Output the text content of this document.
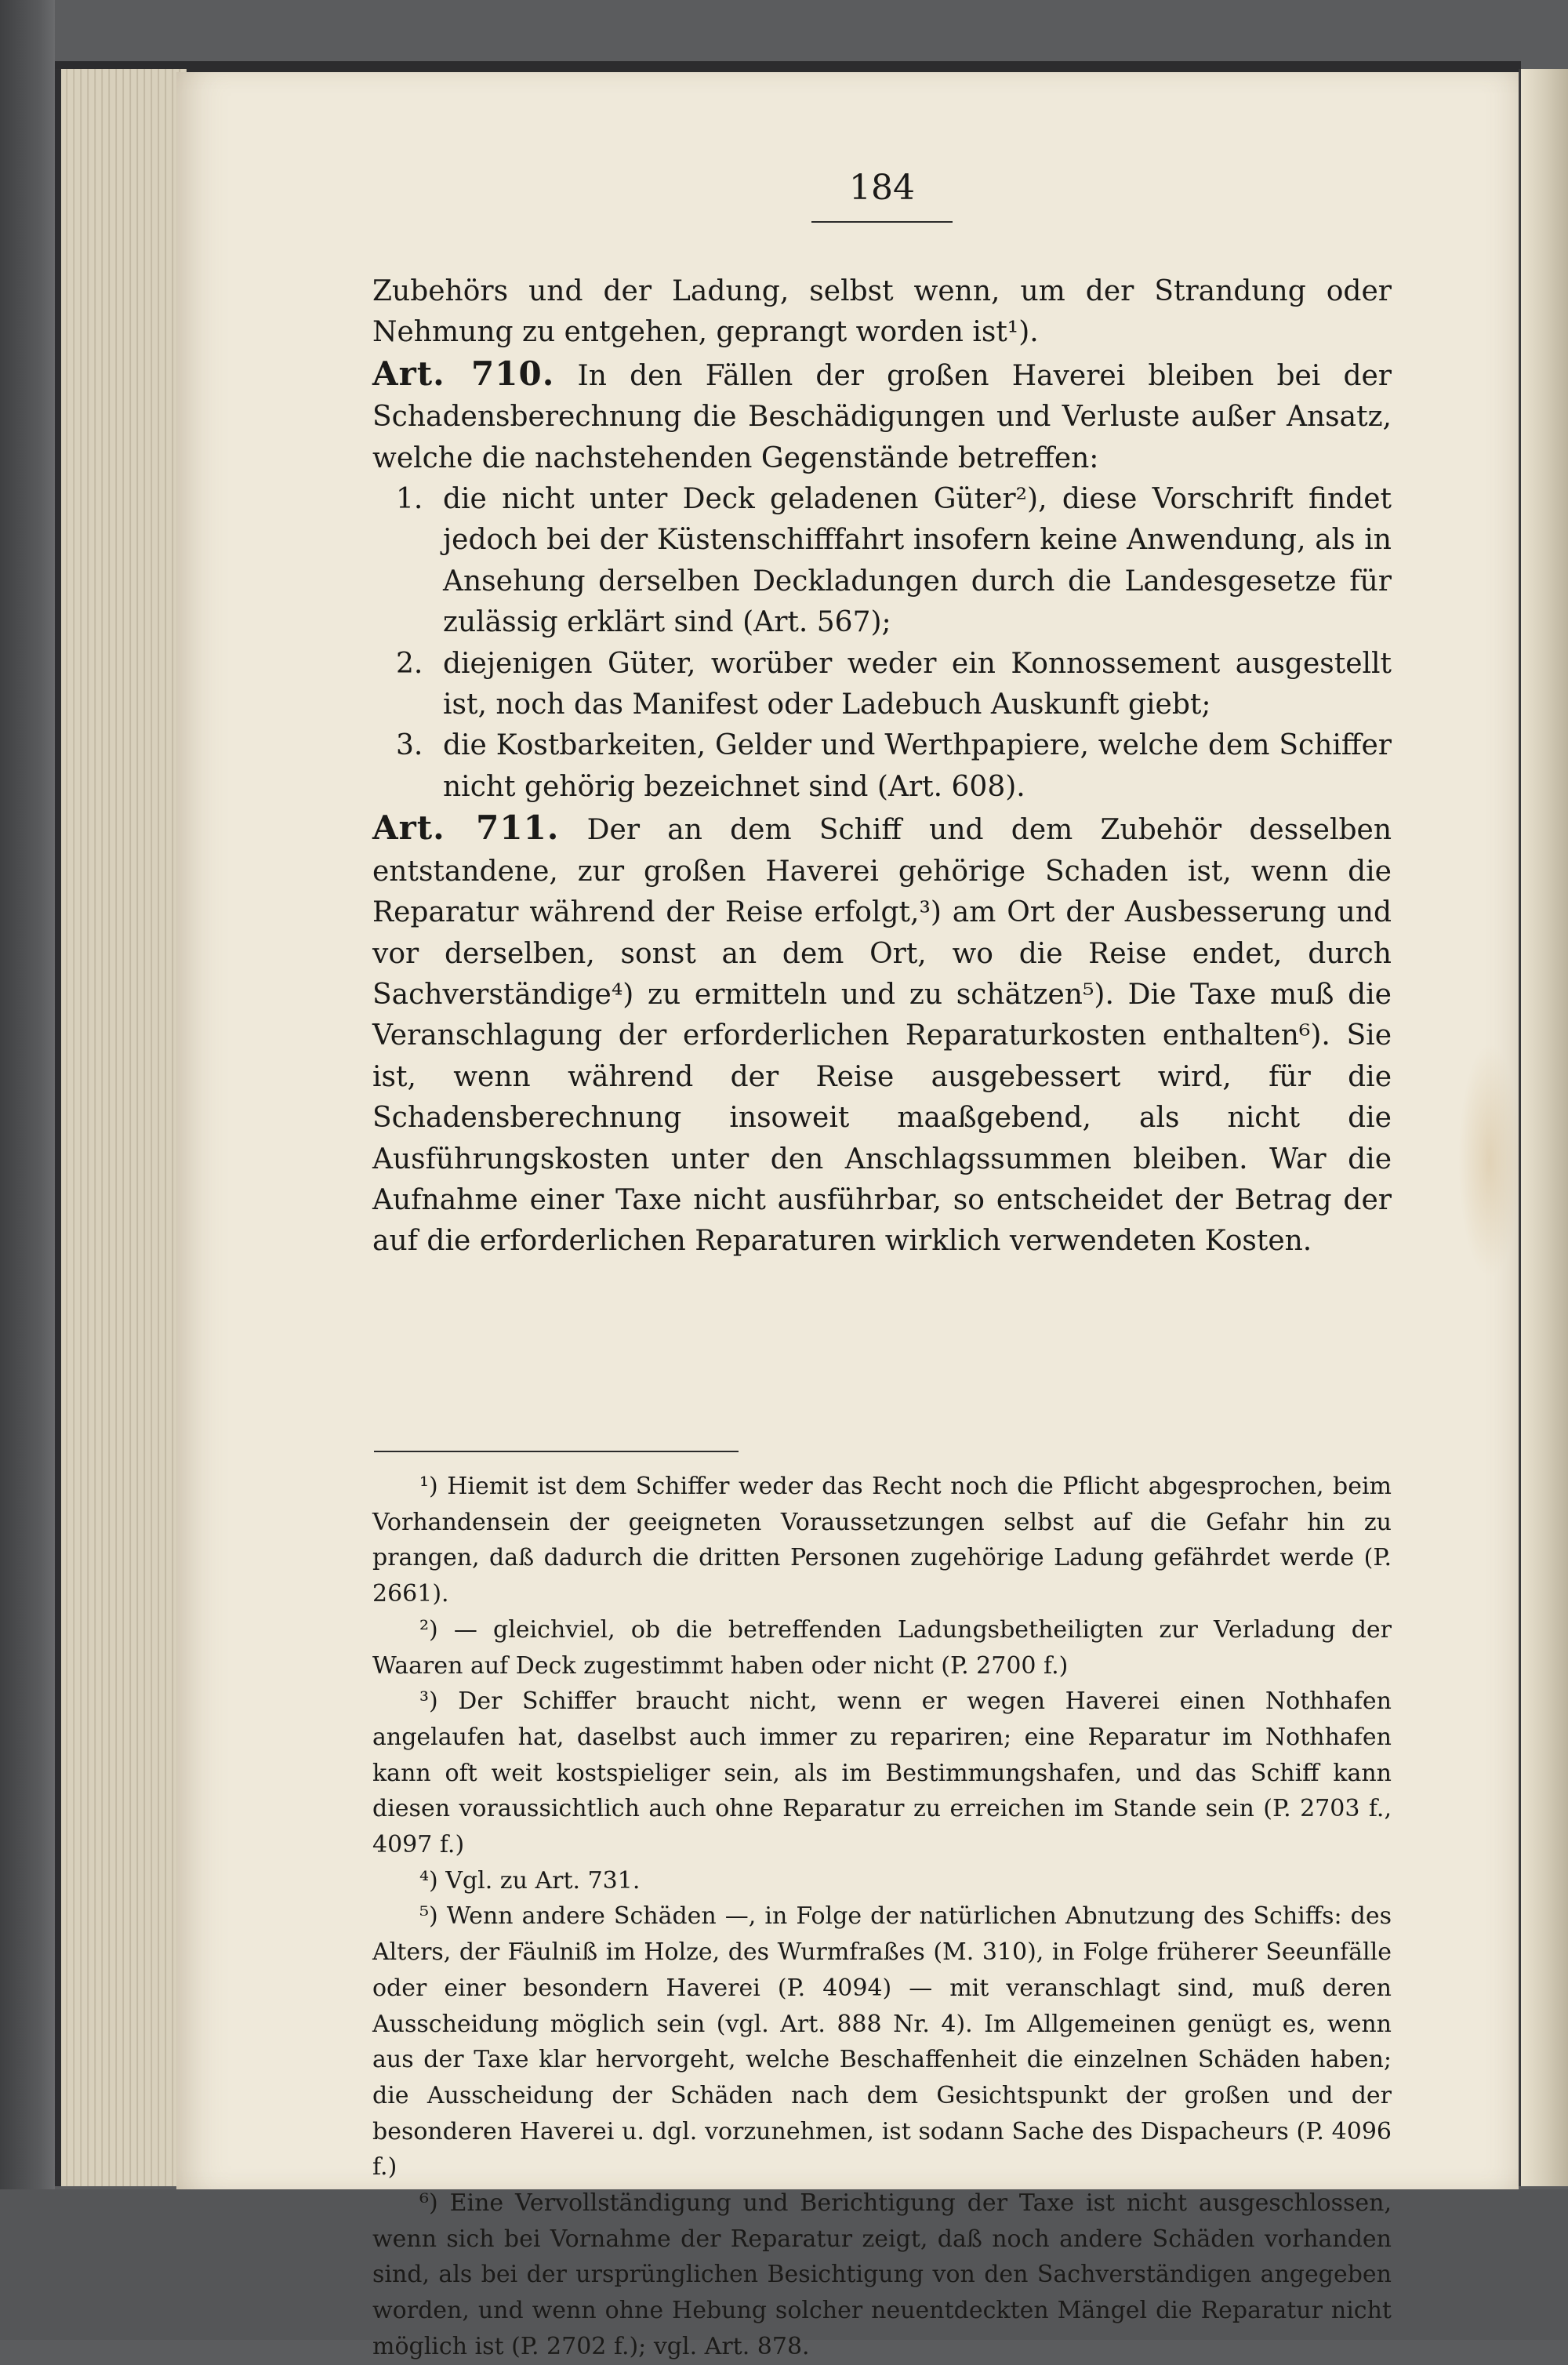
184

Zubehörs und der Ladung, selbst wenn, um der Strandung oder Nehmung zu entgehen, geprangt worden ist¹).

Art. 710. In den Fällen der großen Haverei bleiben bei der Schadensberechnung die Beschädigungen und Verluste außer Ansatz, welche die nachstehenden Gegenstände betreffen:

1. die nicht unter Deck geladenen Güter²), diese Vorschrift findet jedoch bei der Küstenschifffahrt insofern keine Anwendung, als in Ansehung derselben Deckladungen durch die Landesgesetze für zulässig erklärt sind (Art. 567);
2. diejenigen Güter, worüber weder ein Konnossement ausgestellt ist, noch das Manifest oder Ladebuch Auskunft giebt;
3. die Kostbarkeiten, Gelder und Werthpapiere, welche dem Schiffer nicht gehörig bezeichnet sind (Art. 608).

Art. 711. Der an dem Schiff und dem Zubehör desselben entstandene, zur großen Haverei gehörige Schaden ist, wenn die Reparatur während der Reise erfolgt,³) am Ort der Ausbesserung und vor derselben, sonst an dem Ort, wo die Reise endet, durch Sachverständige⁴) zu ermitteln und zu schätzen⁵). Die Taxe muß die Veranschlagung der erforderlichen Reparaturkosten enthalten⁶). Sie ist, wenn während der Reise ausgebessert wird, für die Schadensberechnung insoweit maaßgebend, als nicht die Ausführungskosten unter den Anschlagssummen bleiben. War die Aufnahme einer Taxe nicht ausführbar, so entscheidet der Betrag der auf die erforderlichen Reparaturen wirklich verwendeten Kosten.

¹) Hiemit ist dem Schiffer weder das Recht noch die Pflicht abgesprochen, beim Vorhandensein der geeigneten Voraussetzungen selbst auf die Gefahr hin zu prangen, daß dadurch die dritten Personen zugehörige Ladung gefährdet werde (P. 2661).

²) — gleichviel, ob die betreffenden Ladungsbetheiligten zur Verladung der Waaren auf Deck zugestimmt haben oder nicht (P. 2700 f.)

³) Der Schiffer braucht nicht, wenn er wegen Haverei einen Nothhafen angelaufen hat, daselbst auch immer zu repariren; eine Reparatur im Nothhafen kann oft weit kostspieliger sein, als im Bestimmungshafen, und das Schiff kann diesen voraussichtlich auch ohne Reparatur zu erreichen im Stande sein (P. 2703 f., 4097 f.)

⁴) Vgl. zu Art. 731.

⁵) Wenn andere Schäden —, in Folge der natürlichen Abnutzung des Schiffs: des Alters, der Fäulniß im Holze, des Wurmfraßes (M. 310), in Folge früherer Seeunfälle oder einer besondern Haverei (P. 4094) — mit veranschlagt sind, muß deren Ausscheidung möglich sein (vgl. Art. 888 Nr. 4). Im Allgemeinen genügt es, wenn aus der Taxe klar hervorgeht, welche Beschaffenheit die einzelnen Schäden haben; die Ausscheidung der Schäden nach dem Gesichtspunkt der großen und der besonderen Haverei u. dgl. vorzunehmen, ist sodann Sache des Dispacheurs (P. 4096 f.)

⁶) Eine Vervollständigung und Berichtigung der Taxe ist nicht ausgeschlossen, wenn sich bei Vornahme der Reparatur zeigt, daß noch andere Schäden vorhanden sind, als bei der ursprünglichen Besichtigung von den Sachverständigen angegeben worden, und wenn ohne Hebung solcher neuentdeckten Mängel die Reparatur nicht möglich ist (P. 2702 f.); vgl. Art. 878.
